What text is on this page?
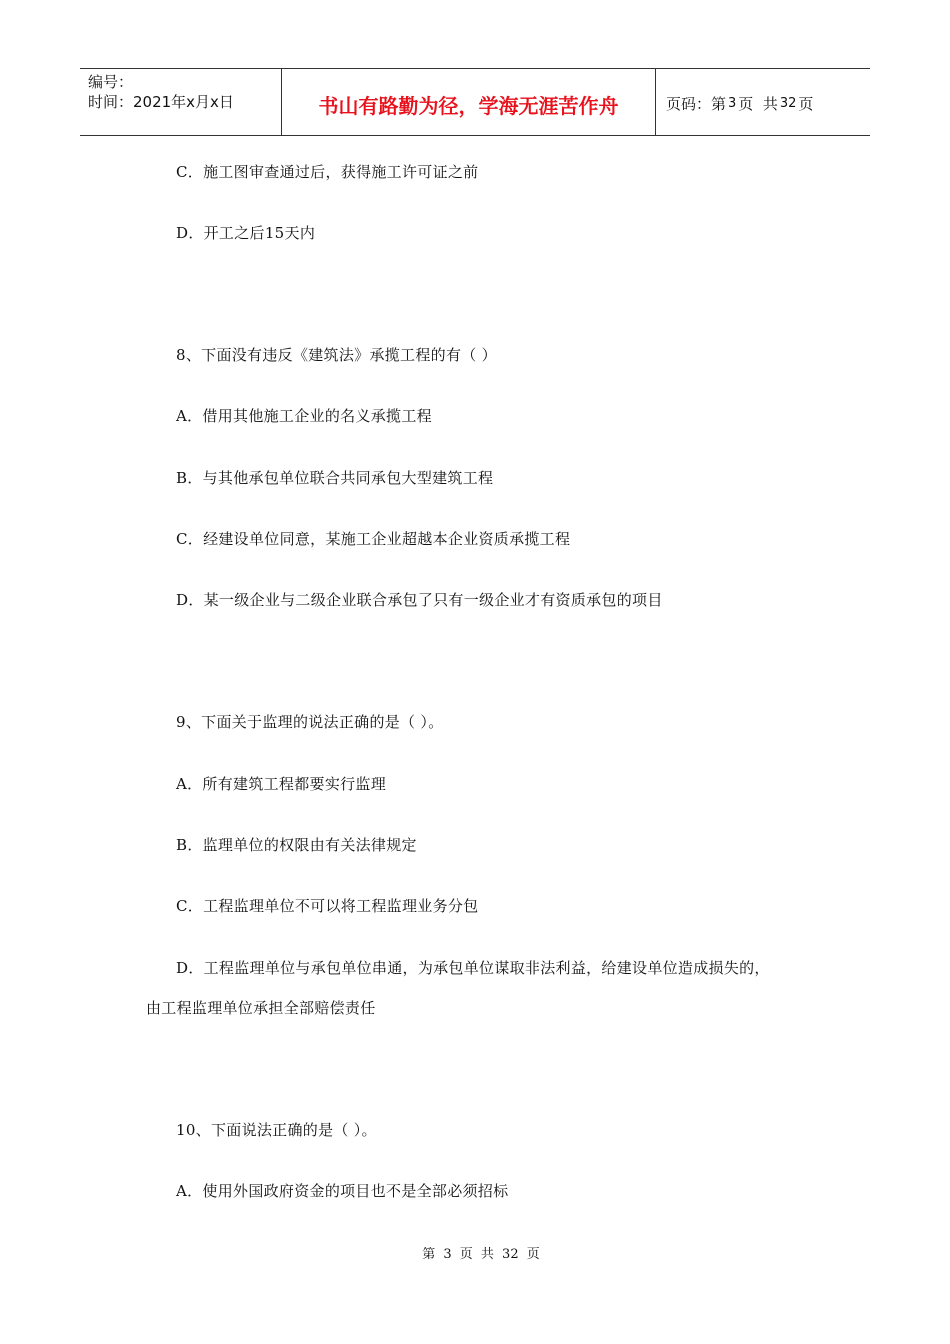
编号：
时间：2021年x月x日	书山有路勤为径，学海无涯苦作舟	页码：第 3 页  共 32 页
C．施工图审查通过后，获得施工许可证之前
D．开工之后15天内
8、下面没有违反《建筑法》承揽工程的有（ ）
A．借用其他施工企业的名义承揽工程
B．与其他承包单位联合共同承包大型建筑工程
C．经建设单位同意，某施工企业超越本企业资质承揽工程
D．某一级企业与二级企业联合承包了只有一级企业才有资质承包的项目
9、下面关于监理的说法正确的是（ ）。
A．所有建筑工程都要实行监理
B．监理单位的权限由有关法律规定
C．工程监理单位不可以将工程监理业务分包
D．工程监理单位与承包单位串通，为承包单位谋取非法利益，给建设单位造成损失的，
由工程监理单位承担全部赔偿责任
10、下面说法正确的是（ ）。
A．使用外国政府资金的项目也不是全部必须招标
第 3 页 共 32 页
